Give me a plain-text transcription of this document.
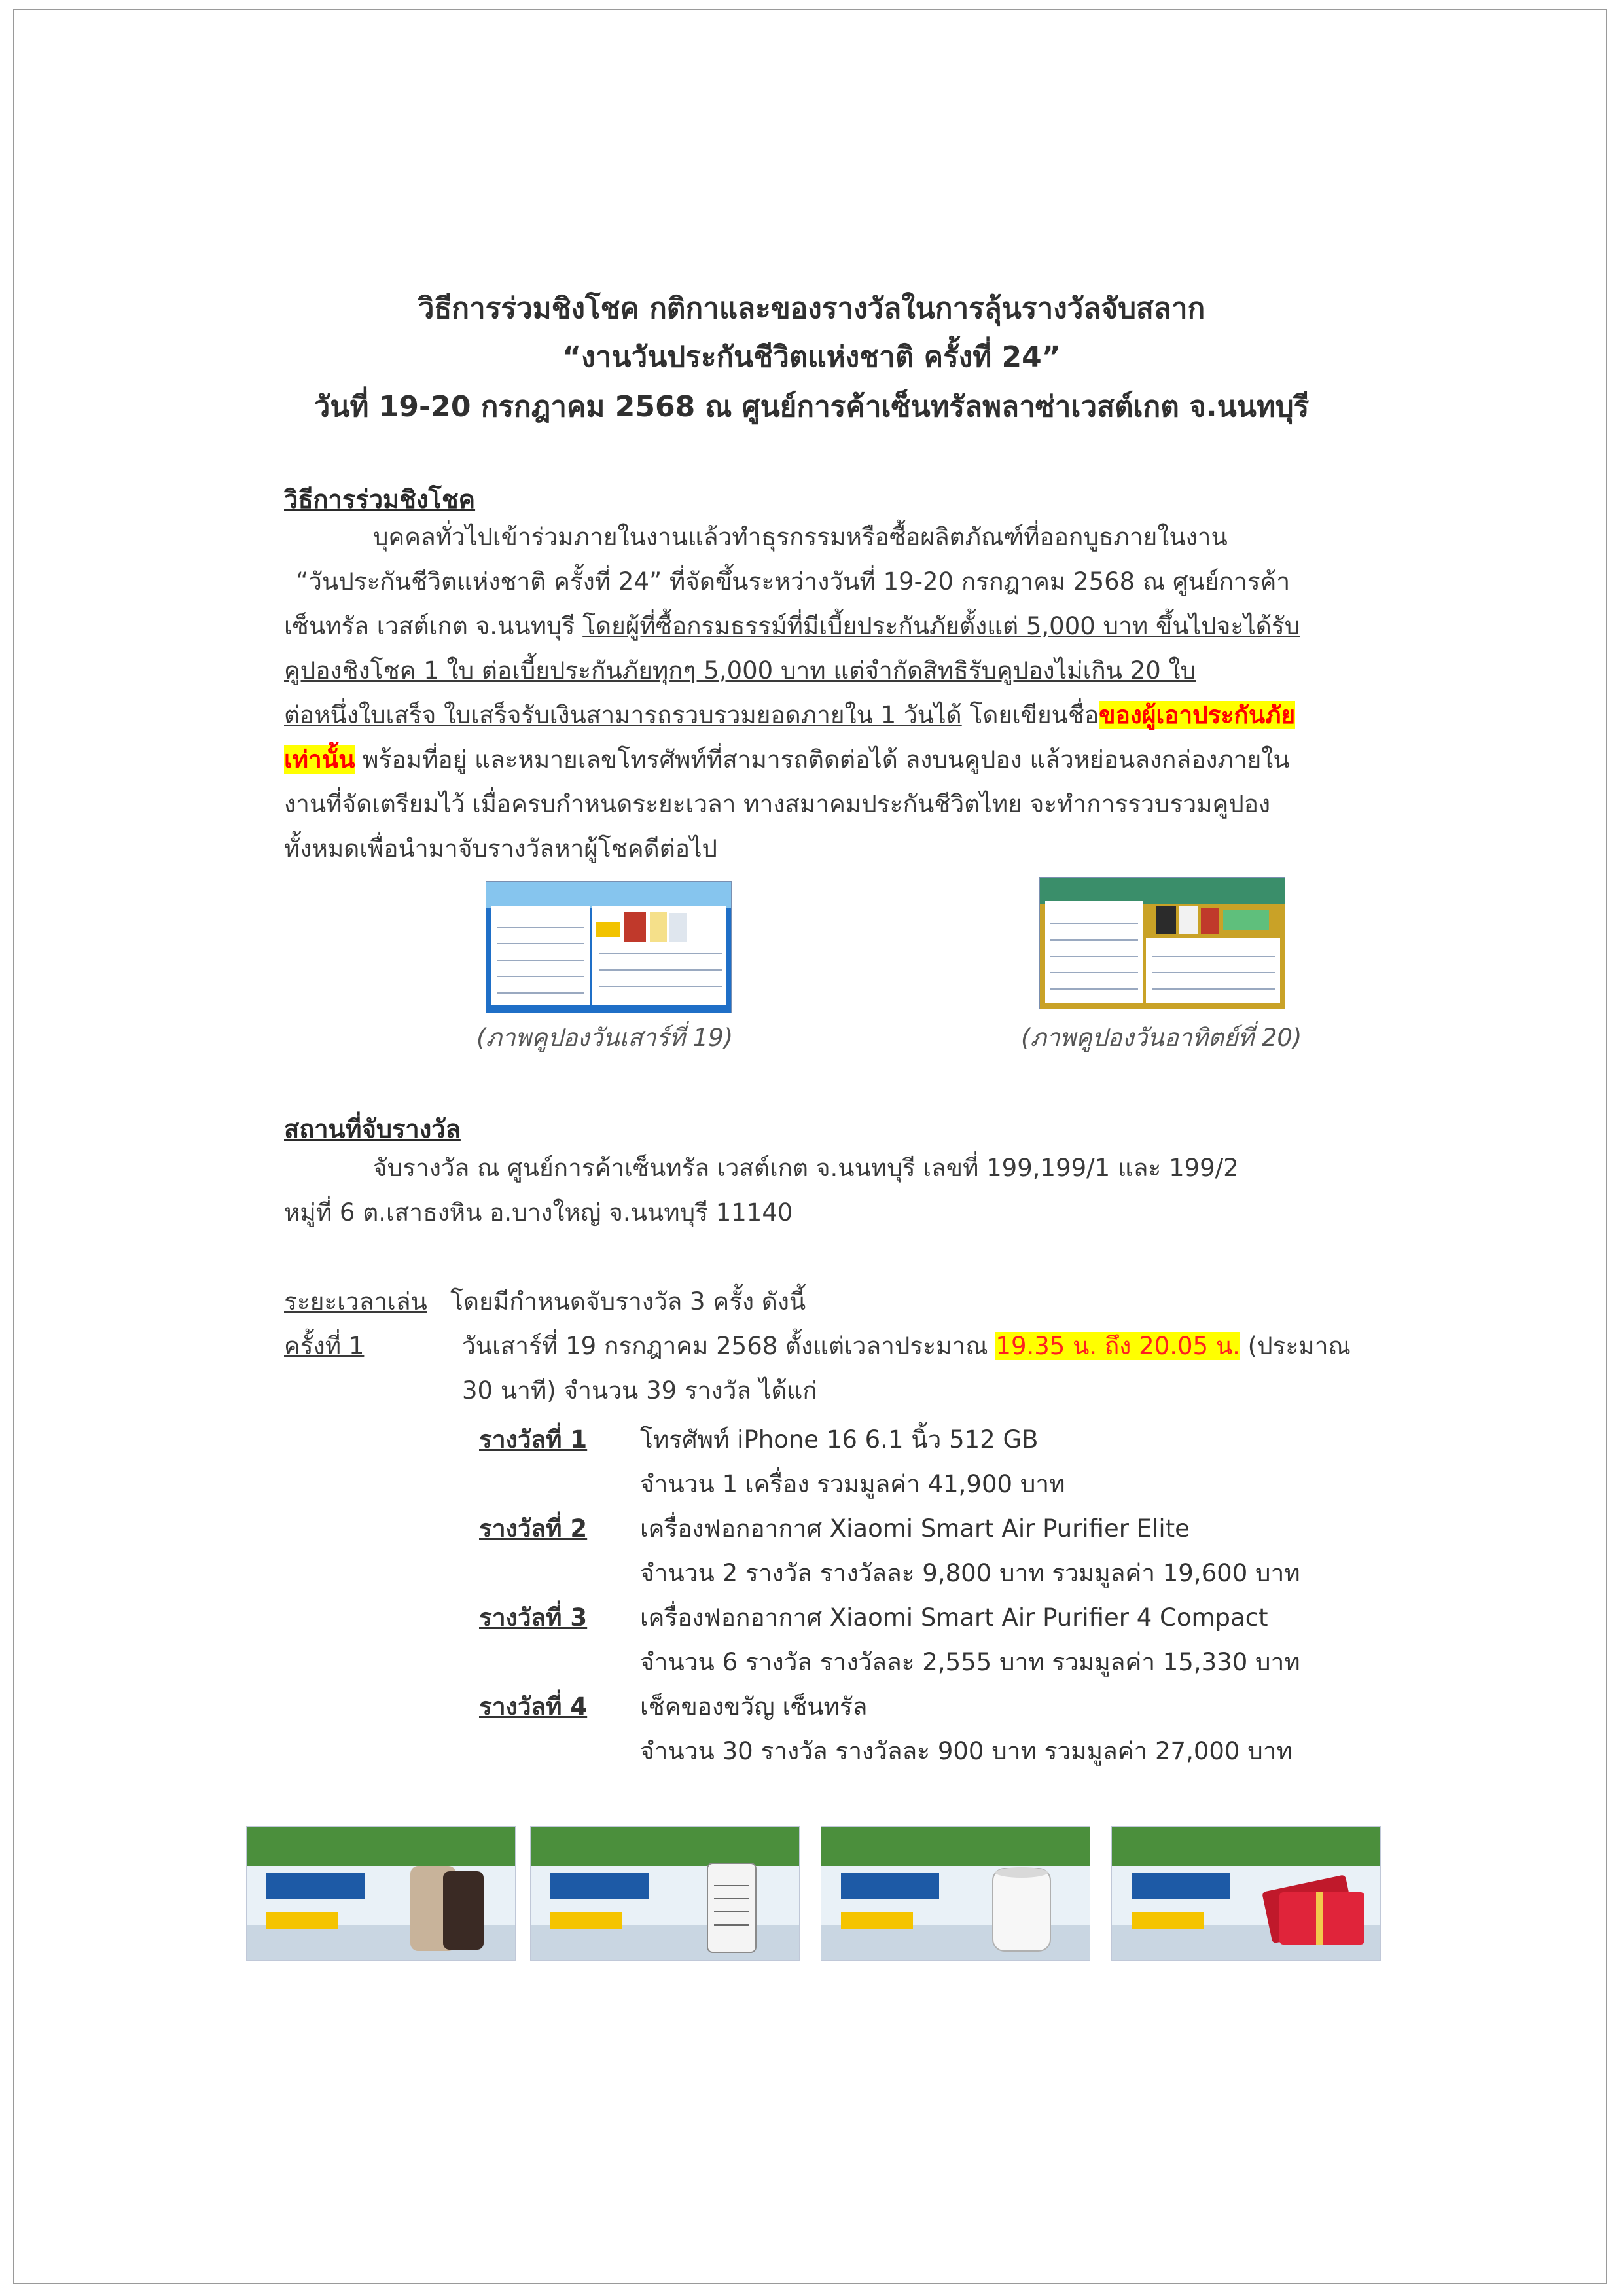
วิธีการร่วมชิงโชค กติกาและของรางวัลในการลุ้นรางวัลจับสลาก
“งานวันประกันชีวิตแห่งชาติ ครั้งที่ 24”
วันที่ 19-20 กรกฎาคม 2568 ณ ศูนย์การค้าเซ็นทรัลพลาซ่าเวสต์เกต จ.นนทบุรี
วิธีการร่วมชิงโชค
บุคคลทั่วไปเข้าร่วมภายในงานแล้วทำธุรกรรมหรือซื้อผลิตภัณฑ์ที่ออกบูธภายในงาน
“วันประกันชีวิตแห่งชาติ ครั้งที่ 24” ที่จัดขึ้นระหว่างวันที่ 19-20 กรกฎาคม 2568 ณ ศูนย์การค้า
เซ็นทรัล เวสต์เกต จ.นนทบุรี โดยผู้ที่ซื้อกรมธรรม์ที่มีเบี้ยประกันภัยตั้งแต่ 5,000 บาท ขึ้นไปจะได้รับ
คูปองชิงโชค 1 ใบ ต่อเบี้ยประกันภัยทุกๆ 5,000 บาท แต่จำกัดสิทธิรับคูปองไม่เกิน 20 ใบ
ต่อหนึ่งใบเสร็จ ใบเสร็จรับเงินสามารถรวบรวมยอดภายใน 1 วันได้ โดยเขียนชื่อของผู้เอาประกันภัย
เท่านั้น พร้อมที่อยู่ และหมายเลขโทรศัพท์ที่สามารถติดต่อได้ ลงบนคูปอง แล้วหย่อนลงกล่องภายใน
งานที่จัดเตรียมไว้ เมื่อครบกำหนดระยะเวลา ทางสมาคมประกันชีวิตไทย จะทำการรวบรวมคูปอง
ทั้งหมดเพื่อนำมาจับรางวัลหาผู้โชคดีต่อไป
(ภาพคูปองวันเสาร์ที่ 19)	(ภาพคูปองวันอาทิตย์ที่ 20)
สถานที่จับรางวัล
จับรางวัล ณ ศูนย์การค้าเซ็นทรัล เวสต์เกต จ.นนทบุรี เลขที่ 199,199/1 และ 199/2
หมู่ที่ 6 ต.เสาธงหิน อ.บางใหญ่ จ.นนทบุรี 11140
ระยะเวลาเล่น โดยมีกำหนดจับรางวัล 3 ครั้ง ดังนี้
ครั้งที่ 1	วันเสาร์ที่ 19 กรกฎาคม 2568 ตั้งแต่เวลาประมาณ 19.35 น. ถึง 20.05 น. (ประมาณ
30 นาที) จำนวน 39 รางวัล ได้แก่
รางวัลที่ 1 โทรศัพท์ iPhone 16 6.1 นิ้ว 512 GB
จำนวน 1 เครื่อง รวมมูลค่า 41,900 บาท
รางวัลที่ 2 เครื่องฟอกอากาศ Xiaomi Smart Air Purifier Elite
จำนวน 2 รางวัล รางวัลละ 9,800 บาท รวมมูลค่า 19,600 บาท
รางวัลที่ 3 เครื่องฟอกอากาศ Xiaomi Smart Air Purifier 4 Compact
จำนวน 6 รางวัล รางวัลละ 2,555 บาท รวมมูลค่า 15,330 บาท
รางวัลที่ 4 เช็คของขวัญ เซ็นทรัล
จำนวน 30 รางวัล รางวัลละ 900 บาท รวมมูลค่า 27,000 บาท
